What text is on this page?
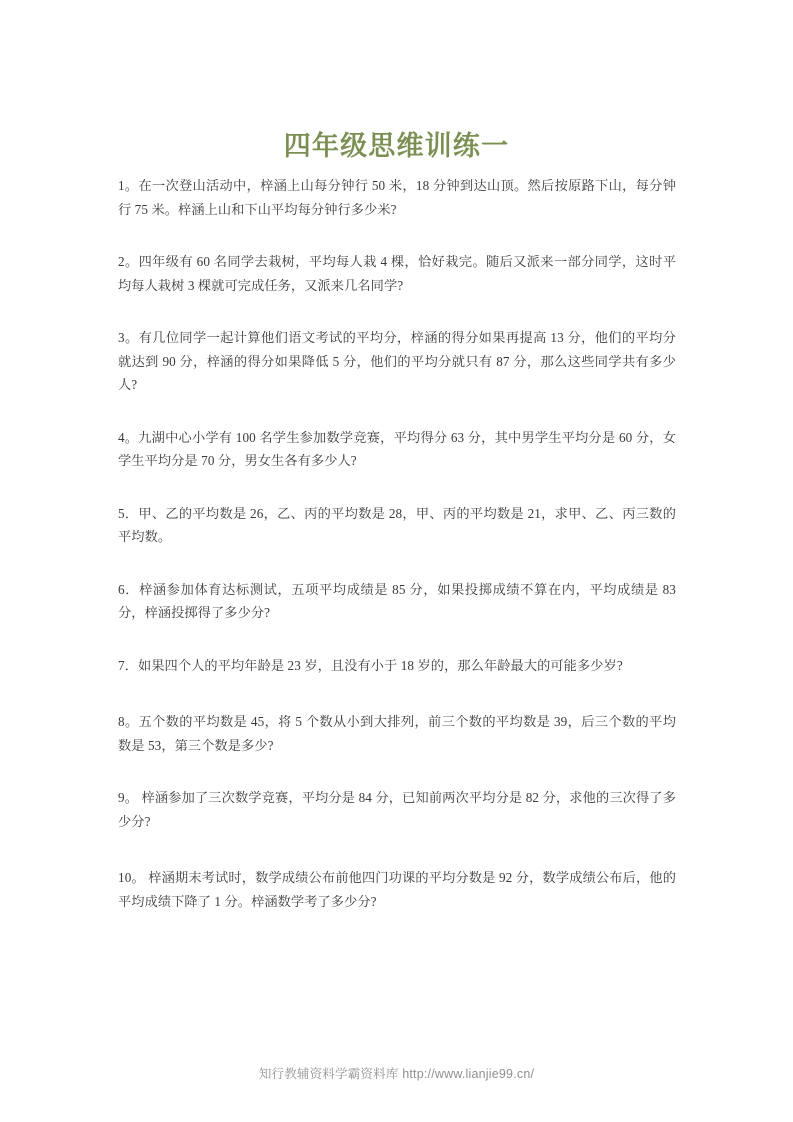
四年级思维训练一

1。在一次登山活动中，梓涵上山每分钟行 50 米，18 分钟到达山顶。然后按原路下山，每分钟行 75 米。梓涵上山和下山平均每分钟行多少米?

2。四年级有 60 名同学去栽树，平均每人栽 4 棵，恰好栽完。随后又派来一部分同学，这时平均每人栽树 3 棵就可完成任务，又派来几名同学?

3。有几位同学一起计算他们语文考试的平均分，梓涵的得分如果再提高 13 分，他们的平均分就达到 90 分，梓涵的得分如果降低 5 分，他们的平均分就只有 87 分，那么这些同学共有多少人?

4。九湖中心小学有 100 名学生参加数学竞赛，平均得分 63 分，其中男学生平均分是 60 分，女学生平均分是 70 分，男女生各有多少人?

5．甲、乙的平均数是 26，乙、丙的平均数是 28，甲、丙的平均数是 21，求甲、乙、丙三数的平均数。

6．梓涵参加体育达标测试，五项平均成绩是 85 分，如果投掷成绩不算在内，平均成绩是 83 分，梓涵投掷得了多少分?

7．如果四个人的平均年龄是 23 岁，且没有小于 18 岁的，那么年龄最大的可能多少岁?

8。五个数的平均数是 45，将 5 个数从小到大排列，前三个数的平均数是 39，后三个数的平均数是 53，第三个数是多少?

9。 梓涵参加了三次数学竞赛，平均分是 84 分，已知前两次平均分是 82 分，求他的三次得了多少分?

10。 梓涵期末考试时，数学成绩公布前他四门功课的平均分数是 92 分，数学成绩公布后，他的平均成绩下降了 1 分。梓涵数学考了多少分?

知行教辅资料学霸资料库 http://www.lianjie99.cn/
